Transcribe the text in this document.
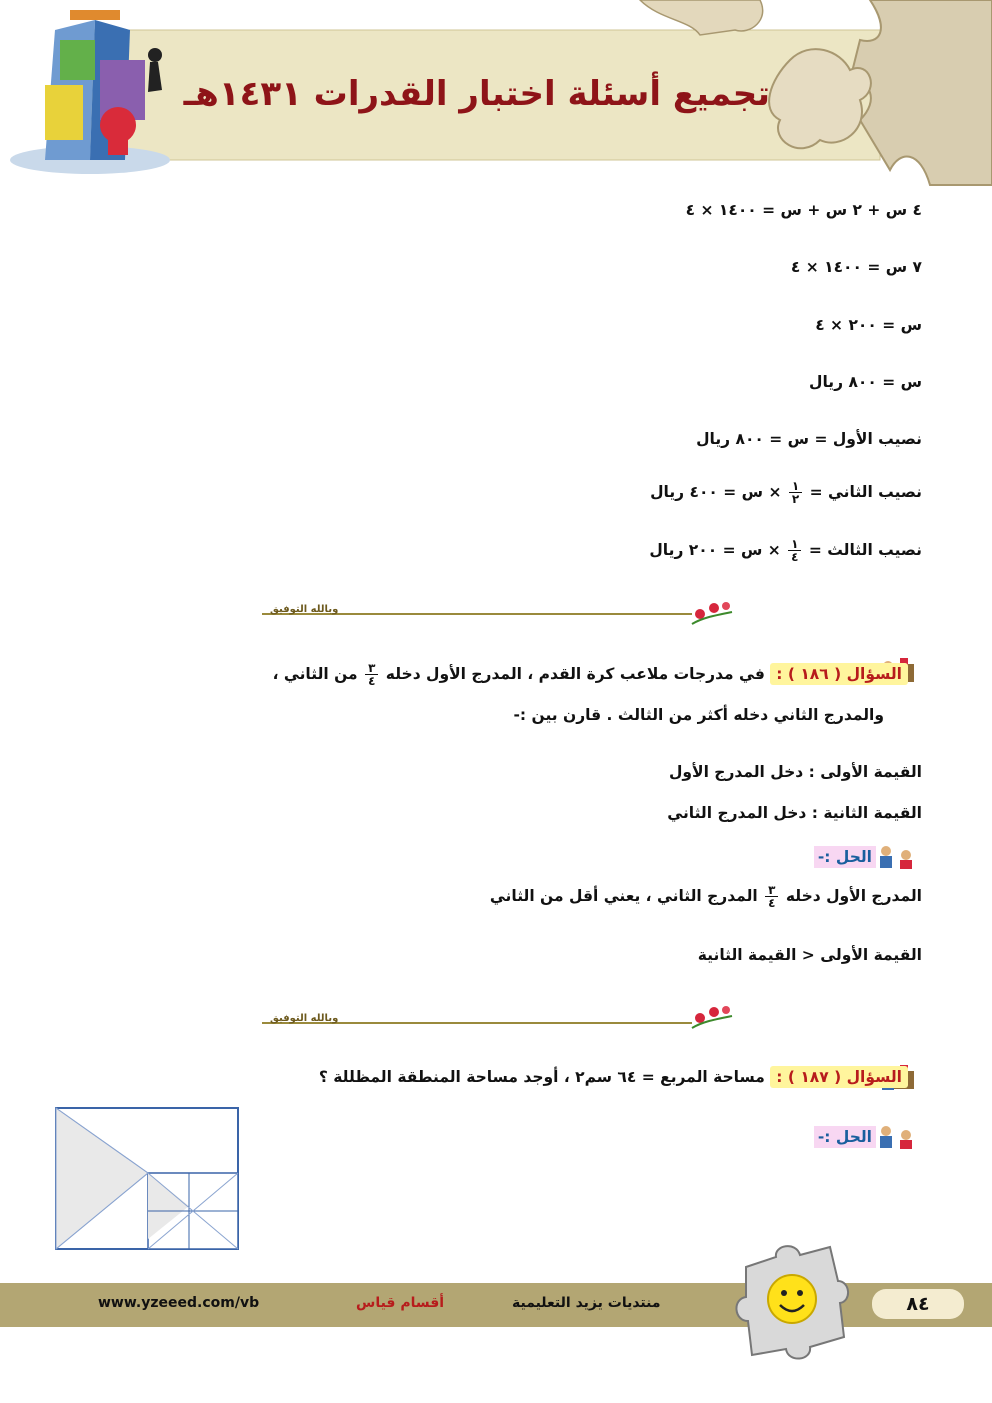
تجميع أسئلة اختبار القدرات ١٤٣١هـ
٤ س + ٢ س + س = ١٤٠٠ × ٤
٧ س = ١٤٠٠ × ٤
س = ٢٠٠ × ٤
س = ٨٠٠ ريال
نصيب الأول = س = ٨٠٠ ريال
نصيب الثاني =
$\frac{١}{٢}$
× س = ٤٠٠ ريال
نصيب الثالث =
$\frac{١}{٤}$
× س = ٢٠٠ ريال
وبالله التوفيق
السؤال ( ١٨٦ ) : في مدرجات ملاعب كرة القدم ، المدرج الأول دخله
$\frac{٣}{٤}$
من الثاني ،
والمدرج الثاني دخله أكثر من الثالث . قارن بين :-
القيمة الأولى : دخل المدرج الأول
القيمة الثانية : دخل المدرج الثاني
الحل :-
المدرج الأول دخله
$\frac{٣}{٤}$
المدرج الثاني ، يعني أقل من الثاني
القيمة الأولى < القيمة الثانية
وبالله التوفيق
السؤال ( ١٨٧ ) : مساحة المربع = ٦٤ سم٢ ، أوجد مساحة المنطقة المظللة ؟
الحل :-
www.yzeeed.com/vb	أقسام قياس	منتديات يزيد التعليمية	٨٤
